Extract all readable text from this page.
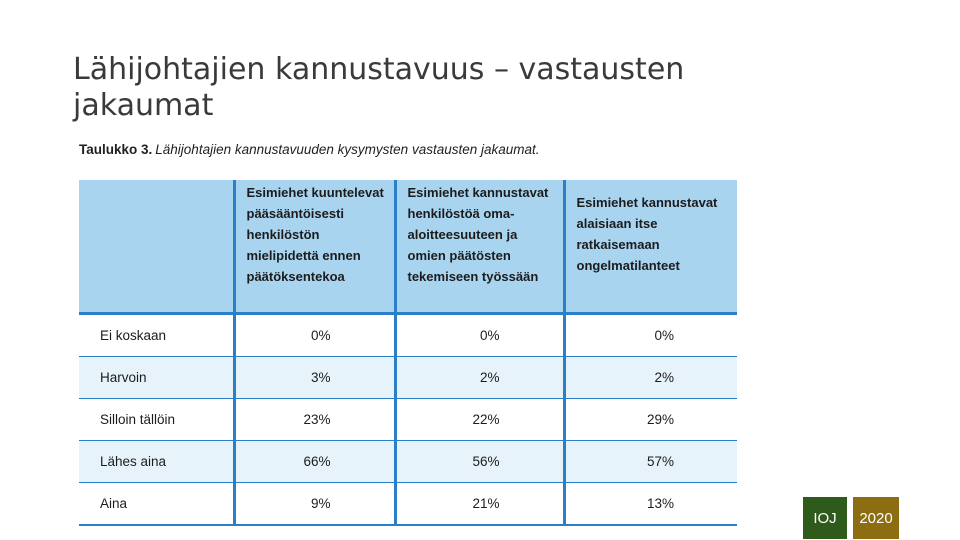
Lähijohtajien kannustavuus – vastausten jakaumat
Taulukko 3. Lähijohtajien kannustavuuden kysymysten vastausten jakaumat.
	Esimiehet kuuntelevat pääsääntöisesti henkilöstön mielipidettä ennen päätöksentekoa	Esimiehet kannustavat henkilöstöä oma-aloitteesuuteen ja omien päätösten tekemiseen työssään	Esimiehet kannustavat alaisiaan itse ratkaisemaan ongelmatilanteet
Ei koskaan	0%	0%	0%
Harvoin	3%	2%	2%
Silloin tällöin	23%	22%	29%
Lähes aina	66%	56%	57%
Aina	9%	21%	13%
IOJ	2020
